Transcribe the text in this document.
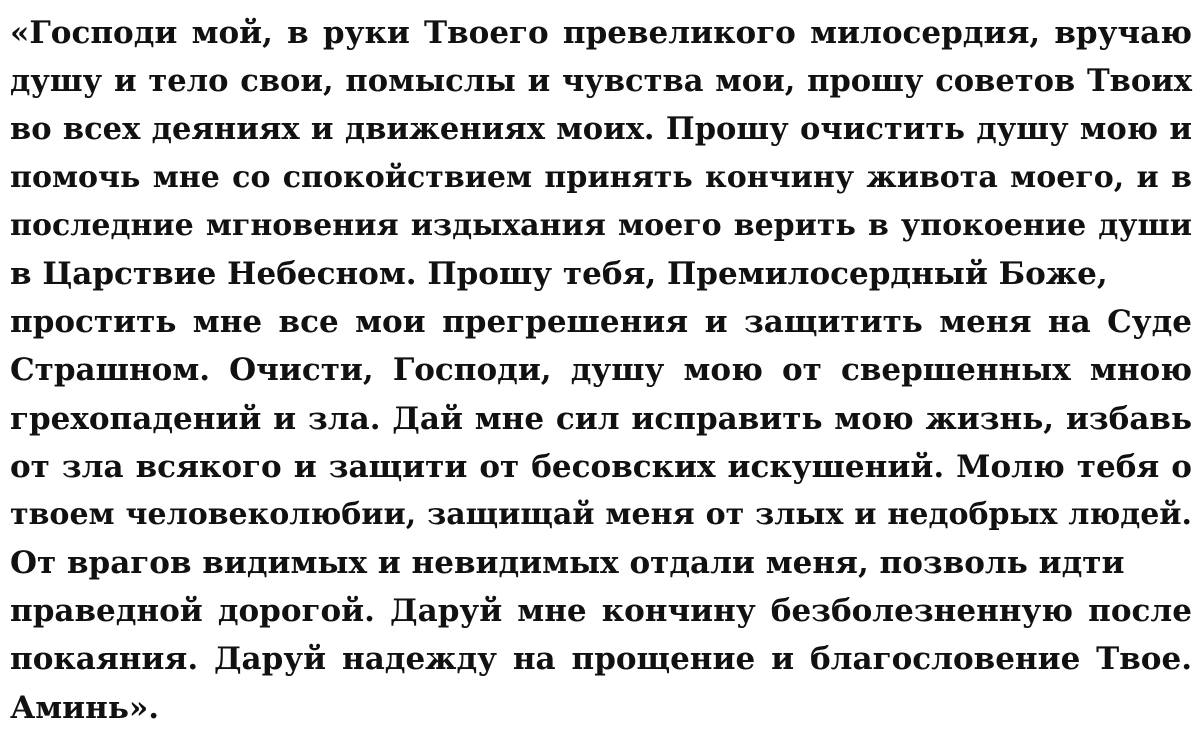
«Господи мой, в руки Твоего превеликого милосердия, вручаю
душу и тело свои, помыслы и чувства мои, прошу советов Твоих
во всех деяниях и движениях моих. Прошу очистить душу мою и
помочь мне со спокойствием принять кончину живота моего, и в
последние мгновения издыхания моего верить в упокоение души
в Царствие Небесном. Прошу тебя, Премилосердный Боже,
простить мне все мои прегрешения и защитить меня на Суде
Страшном. Очисти, Господи, душу мою от свершенных мною
грехопадений и зла. Дай мне сил исправить мою жизнь, избавь
от зла всякого и защити от бесовских искушений. Молю тебя о
твоем человеколюбии, защищай меня от злых и недобрых людей.
От врагов видимых и невидимых отдали меня, позволь идти
праведной дорогой. Даруй мне кончину безболезненную после
покаяния. Даруй надежду на прощение и благословение Твое.
Аминь».
